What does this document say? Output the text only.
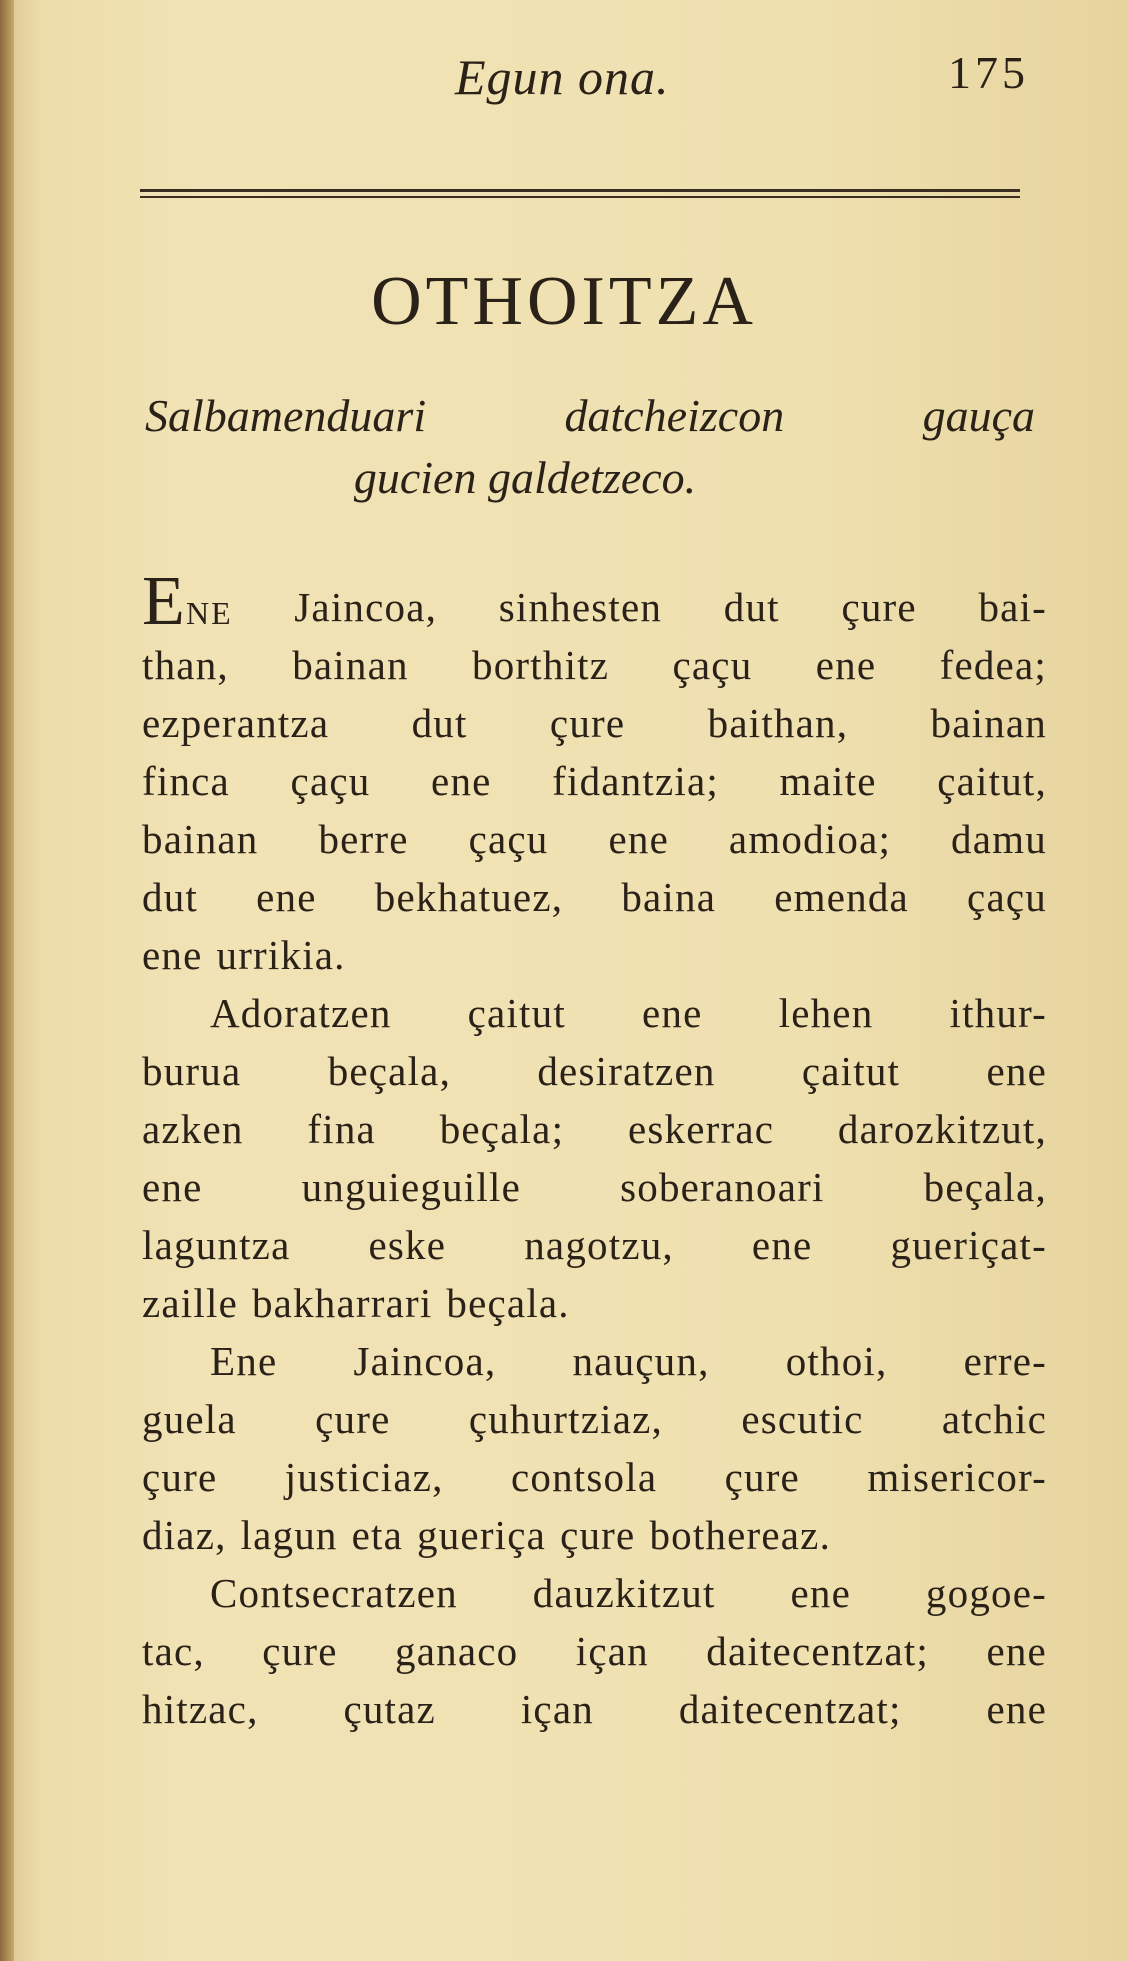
Egun ona.	175
OTHOITZA
Salbamenduari	datcheizcon	gauça
gucien galdetzeco.
ENE Jaincoa, sinhesten dut çure bai-
than, bainan borthitz çaçu ene fedea;
ezperantza dut çure baithan, bainan
finca çaçu ene fidantzia; maite çaitut,
bainan berre çaçu ene amodioa; damu
dut ene bekhatuez, baina emenda çaçu
ene urrikia.
Adoratzen çaitut ene lehen ithur-
burua beçala, desiratzen çaitut ene
azken fina beçala; eskerrac darozkitzut,
ene unguieguille soberanoari beçala,
laguntza eske nagotzu, ene gueriçat-
zaille bakharrari beçala.
Ene Jaincoa, nauçun, othoi, erre-
guela çure çuhurtziaz, escutic atchic
çure justiciaz, contsola çure misericor-
diaz, lagun eta gueriça çure bothereaz.
Contsecratzen dauzkitzut ene gogoe-
tac, çure ganaco içan daitecentzat; ene
hitzac, çutaz içan daitecentzat; ene
